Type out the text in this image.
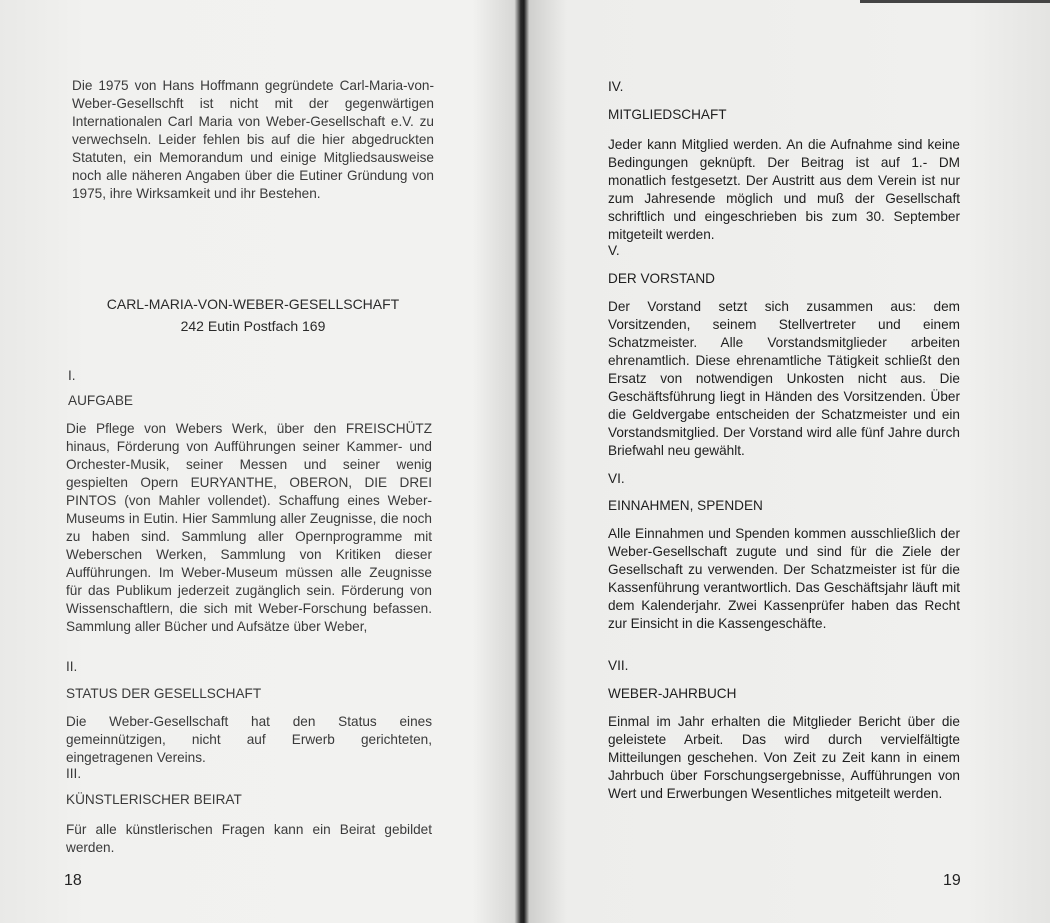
Die 1975 von Hans Hoffmann gegründete Carl-Maria-von-Weber-Gesellschft ist nicht mit der gegenwärtigen Internationalen Carl Maria von Weber-Gesellschaft e.V. zu verwechseln. Leider fehlen bis auf die hier abgedruckten Statuten, ein Memorandum und einige Mitgliedsausweise noch alle näheren Angaben über die Eutiner Gründung von 1975, ihre Wirksamkeit und ihr Bestehen.
CARL-MARIA-VON-WEBER-GESELLSCHAFT
242 Eutin Postfach 169
I.
AUFGABE
Die Pflege von Webers Werk, über den FREISCHÜTZ hinaus, Förderung von Aufführungen seiner Kammer- und Orchester-Musik, seiner Messen und seiner wenig gespielten Opern EURYANTHE, OBERON, DIE DREI PINTOS (von Mahler vollendet). Schaffung eines Weber-Museums in Eutin. Hier Sammlung aller Zeugnisse, die noch zu haben sind. Sammlung aller Opernprogramme mit Weberschen Werken, Sammlung von Kritiken dieser Aufführungen. Im Weber-Museum müssen alle Zeugnisse für das Publikum jederzeit zugänglich sein. Förderung von Wissenschaftlern, die sich mit Weber-Forschung befassen. Sammlung aller Bücher und Aufsätze über Weber,
II.
STATUS DER GESELLSCHAFT
Die Weber-Gesellschaft hat den Status eines gemeinnützigen, nicht auf Erwerb gerichteten, eingetragenen Vereins.
III.
KÜNSTLERISCHER BEIRAT
Für alle künstlerischen Fragen kann ein Beirat gebildet werden.
18
IV.
MITGLIEDSCHAFT
Jeder kann Mitglied werden. An die Aufnahme sind keine Bedingungen geknüpft. Der Beitrag ist auf 1.- DM monatlich festgesetzt. Der Austritt aus dem Verein ist nur zum Jahresende möglich und muß der Gesellschaft schriftlich und eingeschrieben bis zum 30. September mitgeteilt werden.
V.
DER VORSTAND
Der Vorstand setzt sich zusammen aus: dem Vorsitzenden, seinem Stellvertreter und einem Schatzmeister. Alle Vorstandsmitglieder arbeiten ehrenamtlich. Diese ehrenamtliche Tätigkeit schließt den Ersatz von notwendigen Unkosten nicht aus. Die Geschäftsführung liegt in Händen des Vorsitzenden. Über die Geldvergabe entscheiden der Schatzmeister und ein Vorstandsmitglied. Der Vorstand wird alle fünf Jahre durch Briefwahl neu gewählt.
VI.
EINNAHMEN, SPENDEN
Alle Einnahmen und Spenden kommen ausschließlich der Weber-Gesellschaft zugute und sind für die Ziele der Gesellschaft zu verwenden. Der Schatzmeister ist für die Kassenführung verantwortlich. Das Geschäftsjahr läuft mit dem Kalenderjahr. Zwei Kassenprüfer haben das Recht zur Einsicht in die Kassengeschäfte.
VII.
WEBER-JAHRBUCH
Einmal im Jahr erhalten die Mitglieder Bericht über die geleistete Arbeit. Das wird durch vervielfältigte Mitteilungen geschehen. Von Zeit zu Zeit kann in einem Jahrbuch über Forschungsergebnisse, Aufführungen von Wert und Erwerbungen Wesentliches mitgeteilt werden.
19
